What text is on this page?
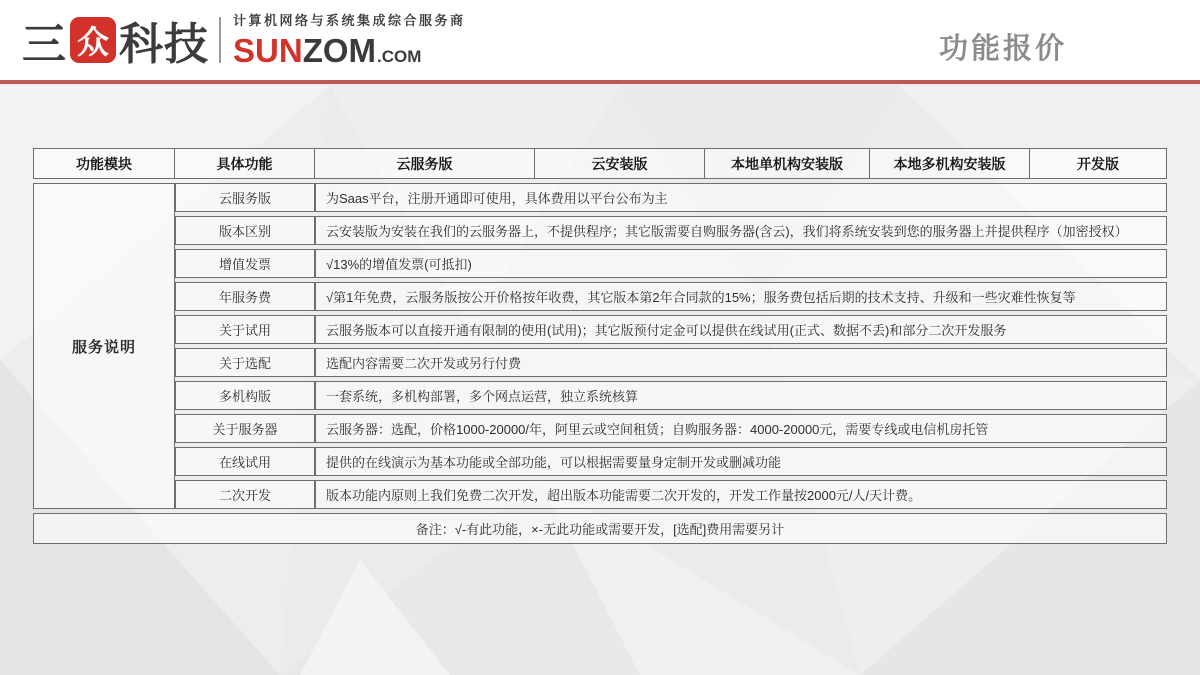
三 众 科技 计算机网络与系统集成综合服务商
SUN ZOM .COM	功能报价
功能模块	具体功能	云服务版	云安装版	本地单机构安装版	本地多机构安装版	开发版
服务说明	云服务版	为Saas平台，注册开通即可使用，具体费用以平台公布为主				
	版本区别	云安装版为安装在我们的云服务器上，不提供程序；其它版需要自购服务器(含云)，我们将系统安装到您的服务器上并提供程序（加密授权）				
	增值发票	√13%的增值发票(可抵扣)				
	年服务费	√第1年免费，云服务版按公开价格按年收费，其它版本第2年合同款的15%；服务费包括后期的技术支持、升级和一些灾难性恢复等				
	关于试用	云服务版本可以直接开通有限制的使用(试用)；其它版预付定金可以提供在线试用(正式、数据不丢)和部分二次开发服务				
	关于选配	选配内容需要二次开发或另行付费				
	多机构版	一套系统，多机构部署，多个网点运营，独立系统核算				
	关于服务器	云服务器：选配，价格1000-20000/年，阿里云或空间租赁；自购服务器：4000-20000元，需要专线或电信机房托管				
	在线试用	提供的在线演示为基本功能或全部功能，可以根据需要量身定制开发或删减功能				
	二次开发	版本功能内原则上我们免费二次开发，超出版本功能需要二次开发的，开发工作量按2000元/人/天计费。				
备注：√-有此功能，×-无此功能或需要开发，[选配]费用需要另计						
